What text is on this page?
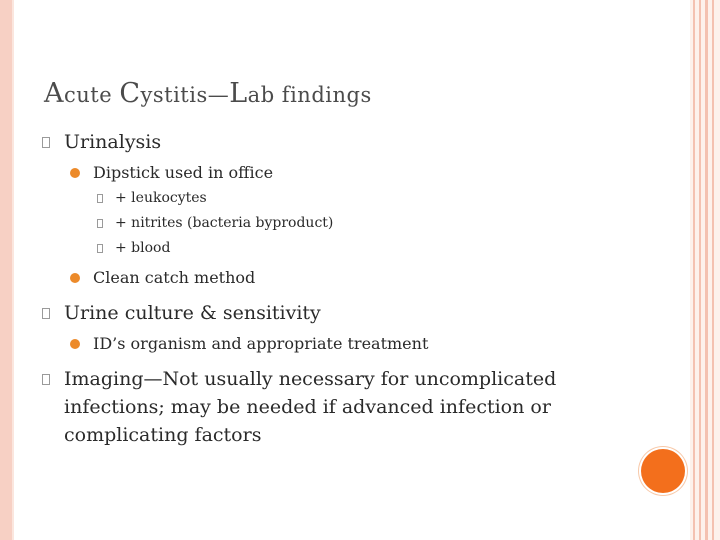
Acute Cystitis—Lab findings
Urinalysis
Dipstick used in office
+ leukocytes
+ nitrites (bacteria byproduct)
+ blood
Clean catch method
Urine culture & sensitivity
ID’s organism and appropriate treatment
Imaging—Not usually necessary for uncomplicated infections; may be needed if advanced infection or complicating factors
